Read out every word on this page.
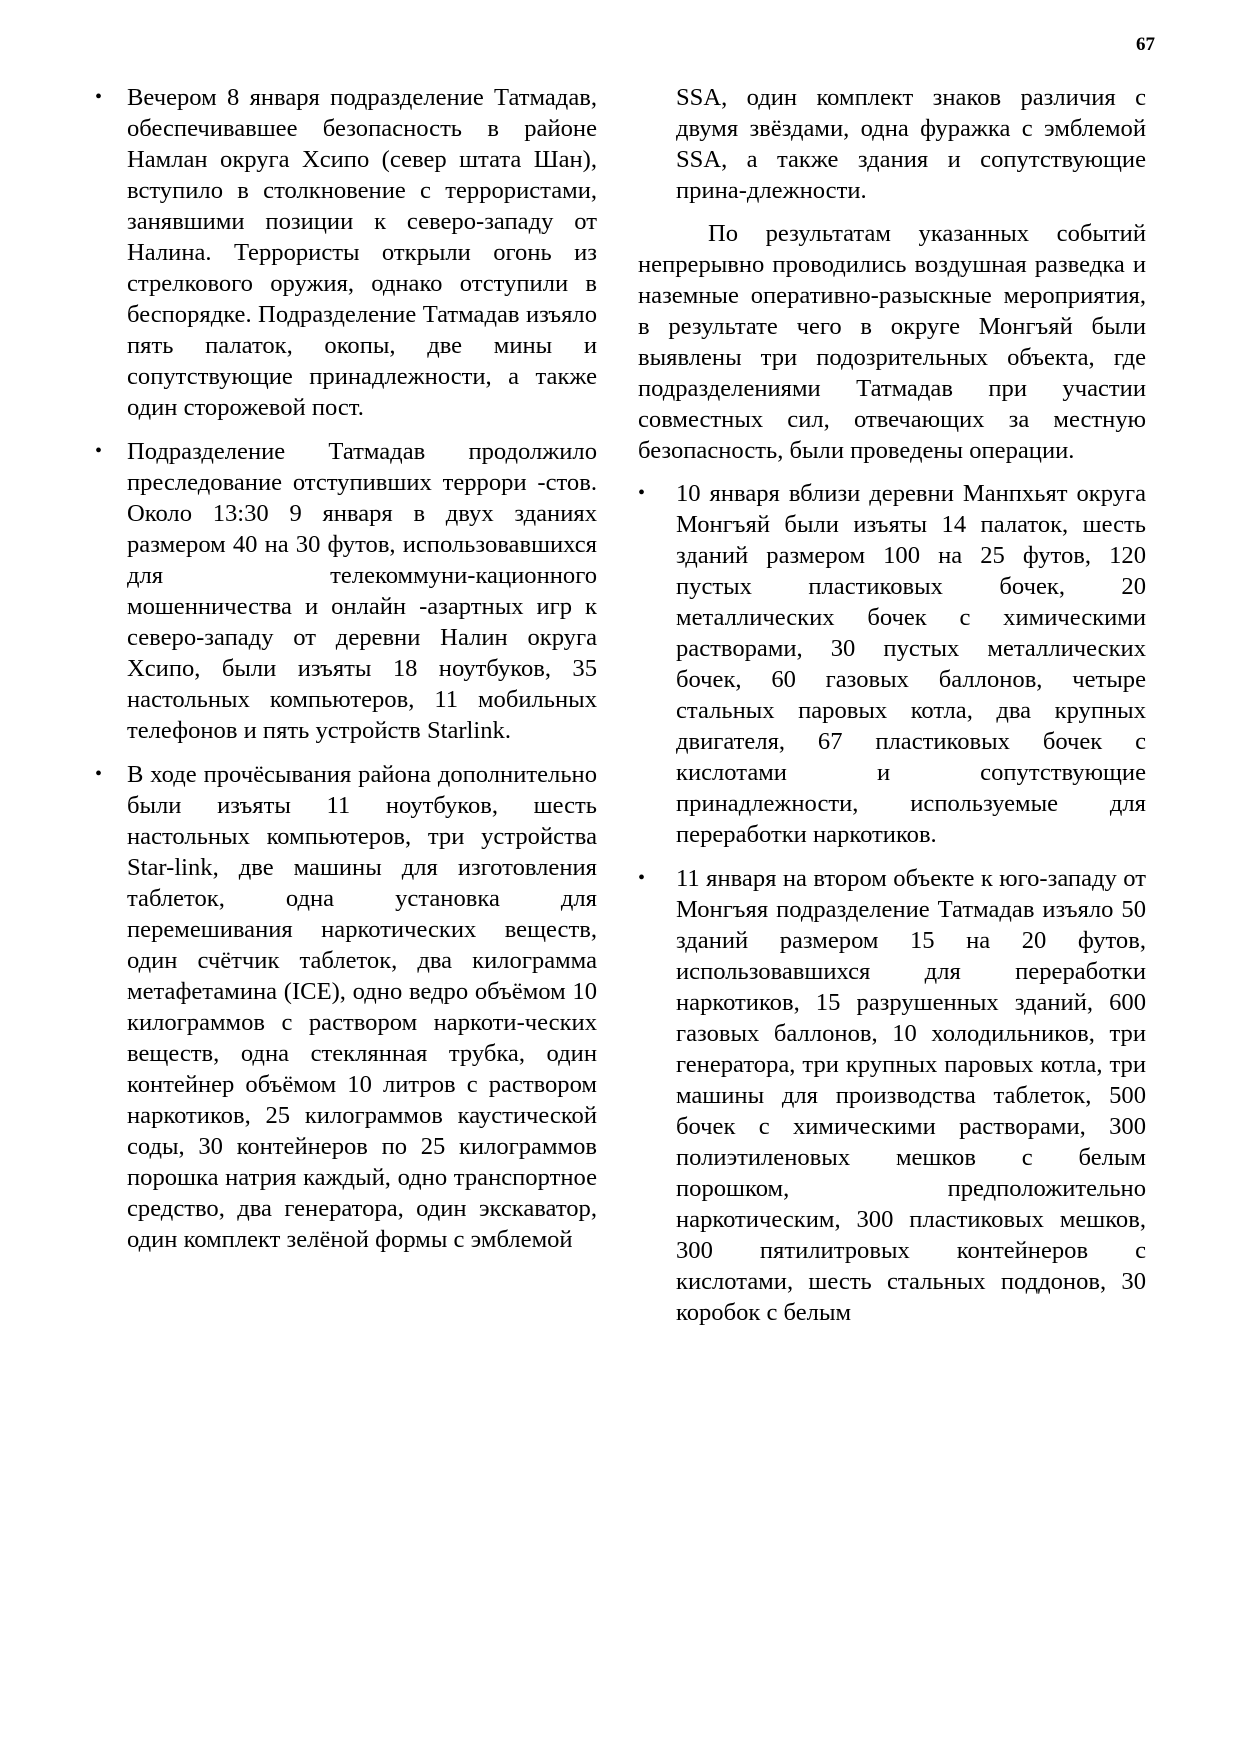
67
•
Вечером 8 января подразделение Татмадав, обеспечивавшее безопасность в районе Намлан округа Хсипо (север штата Шан), вступило в столкновение с террористами, занявшими позиции к северо-западу от Налина. Террористы открыли огонь из стрелкового оружия, однако отступили в беспорядке. Подразделение Татмадав изъяло пять палаток, окопы, две мины и сопутствующие принадлежности, а также один сторожевой пост.
•
Подразделение Татмадав продолжило преследование отступивших террори -стов. Около 13:30 9 января в двух зданиях размером 40 на 30 футов, использовавшихся для телекоммуни-кационного мошенничества и онлайн -азартных игр к северо-западу от деревни Налин округа Хсипо, были изъяты 18 ноутбуков, 35 настольных компьютеров, 11 мобильных телефонов и пять устройств Starlink.
•
В ходе прочёсывания района дополнительно были изъяты 11 ноутбуков, шесть настольных компьютеров, три устройства Star-link, две машины для изготовления таблеток, одна установка для перемешивания наркотических веществ, один счётчик таблеток, два килограмма метафетамина (ICE), одно ведро объёмом 10 килограммов с раствором наркоти-ческих веществ, одна стеклянная трубка, один контейнер объёмом 10 литров с раствором наркотиков, 25 килограммов каустической соды, 30 контейнеров по 25 килограммов порошка натрия каждый, одно транспортное средство, два генератора, один экскаватор, один комплект зелёной формы с эмблемой

SSA, один комплект знаков различия с двумя звёздами, одна фуражка с эмблемой SSA, а также здания и сопутствующие прина-длежности.

По результатам указанных событий непрерывно проводились воздушная разведка и наземные оперативно-разыскные мероприятия, в результате чего в округе Монгъяй были выявлены три подозрительных объекта, где подразделениями Татмадав при участии совместных сил, отвечающих за местную безопасность, были проведены операции.

•
10 января вблизи деревни Манпхьят округа Монгъяй были изъяты 14 палаток, шесть зданий размером 100 на 25 футов, 120 пустых пластиковых бочек, 20 металлических бочек с химическими растворами, 30 пустых металлических бочек, 60 газовых баллонов, четыре стальных паровых котла, два крупных двигателя, 67 пластиковых бочек с кислотами и сопутствующие принадлежности, используемые для переработки наркотиков.
•
11 января на втором объекте к юго-западу от Монгъяя подразделение Татмадав изъяло 50 зданий размером 15 на 20 футов, использовавшихся для переработки наркотиков, 15 разрушенных зданий, 600 газовых баллонов, 10 холодильников, три генератора, три крупных паровых котла, три машины для производства таблеток, 500 бочек с химическими растворами, 300 полиэтиленовых мешков с белым порошком, предположительно наркотическим, 300 пластиковых мешков, 300 пятилитровых контейнеров с кислотами, шесть стальных поддонов, 30 коробок с белым
